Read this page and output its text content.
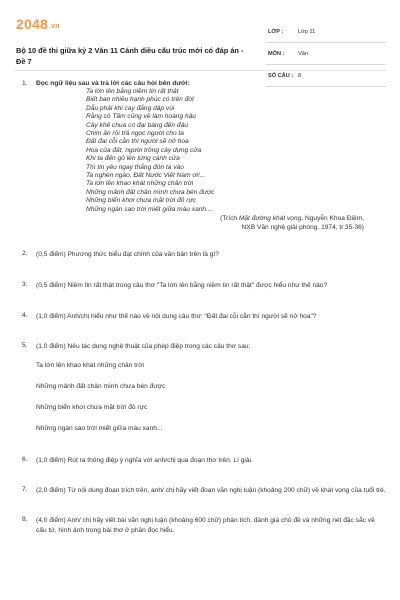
2048.vn
Bộ 10 đề thi giữa kỳ 2 Văn 11 Cánh diều cấu trúc mới có đáp án - Đề 7
LỚP :	Lớp 11
MÔN : Văn
SỐ CÂU : 8
1. Đọc ngữ liệu sau và trả lời các câu hỏi bên dưới:
Ta lớn lên bằng niềm tin rất thật
Biết bao nhiêu hạnh phúc có trên đời
Dẫu phải khi cay đắng dập vùi
Rằng cô Tấm cũng về làm hoàng hậu
Cây khế chua có đại bàng đến đậu
Chim ăn rồi trả ngọc người cho ta
Đất đai cỗi cằn thì người sẽ nở hoa
Hoa của đất, người trồng cây dựng cửa
Khi ta đến gõ lên từng cánh cửa
Thì tin yêu ngay thắng đón ta vào
Ta nghèn ngào, Đất Nước Việt Nam ơi!...
Ta lớn lên khao khát những chân trời
Những mảnh đất chân mình chưa bén được
Những biển khơi chưa mặt trời đỏ rực
Những ngàn sao trời miết giữa màu xanh...
(Trích Mặt đường khát vọng, Nguyễn Khoa Điềm,
NXB Văn nghệ giải phóng, 1974, tr.35-36)
2. (0,5 điểm) Phương thức biểu đạt chính của văn bản trên là gì?
3. (0,5 điểm) Niềm tin rất thật trong câu thơ "Ta lớn lên bằng niềm tin rất thật" được hiểu như thế nào?
4. (1,0 điểm) Anh/chị hiểu như thế nào về nội dung câu thơ: "Đất đai cỗi cằn thì người sẽ nở hoa"?
5. (1,0 điểm) Nêu tác dụng nghệ thuật của phép điệp trong các câu thơ sau:
Ta lớn lên khao khát những chân trời
Những mảnh đất chân mình chưa bén được
Những biển khơi chưa mặt trời đỏ rực
Những ngàn sao trời miết giữa màu xanh...
6. (1,0 điểm) Rút ra thông điệp ý nghĩa với anh/chị qua đoạn thơ trên. Lí giải.
7. (2,0 điểm) Từ nội dung đoạn trích trên, anh/ chị hãy viết đoạn văn nghị luận (khoảng 200 chữ) về khát vọng của tuổi trẻ.
8. (4,0 điểm) Anh/ chị hãy viết bài văn nghị luận (khoảng 600 chữ) phân tích, đánh giá chủ đề và những nét đặc sắc về cấu tứ, hình ảnh trong bài thơ ở phần đọc hiểu.
